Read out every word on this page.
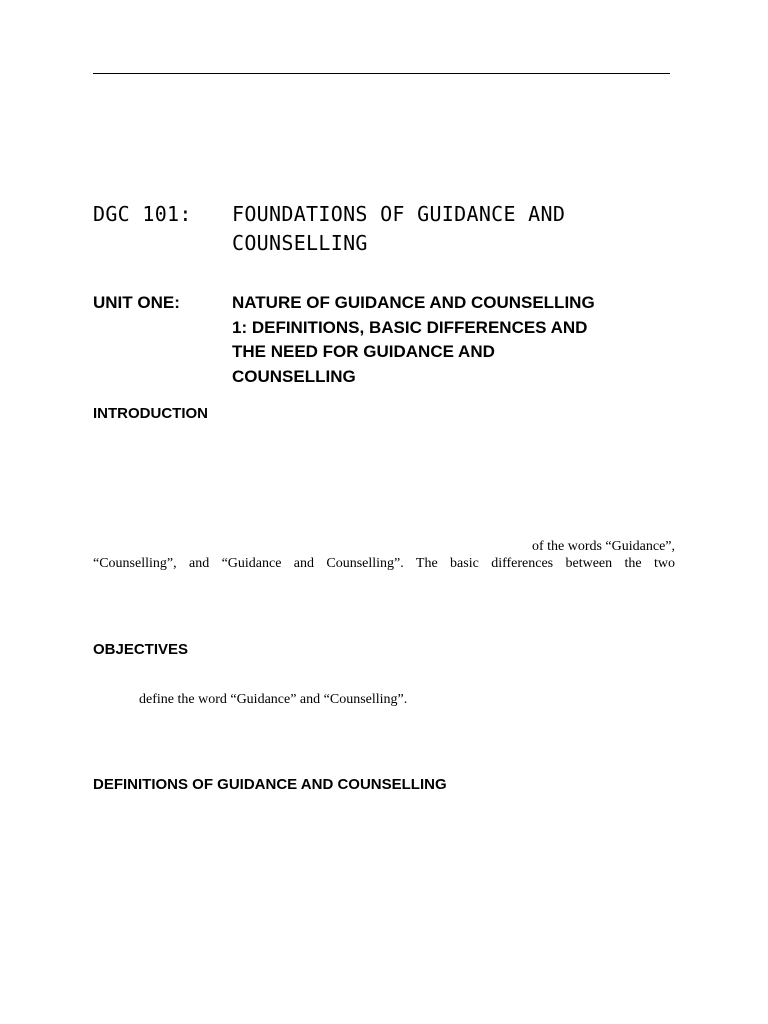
DGC 101: FOUNDATIONS OF GUIDANCE AND
COUNSELLING
UNIT ONE:	NATURE OF GUIDANCE AND COUNSELLING
1: DEFINITIONS, BASIC DIFFERENCES AND
THE NEED FOR GUIDANCE AND
COUNSELLING
INTRODUCTION
of the words “Guidance”,
“Counselling”, and “Guidance and Counselling”. The basic differences between the two
OBJECTIVES
define the word “Guidance” and “Counselling”.
DEFINITIONS OF GUIDANCE AND COUNSELLING
